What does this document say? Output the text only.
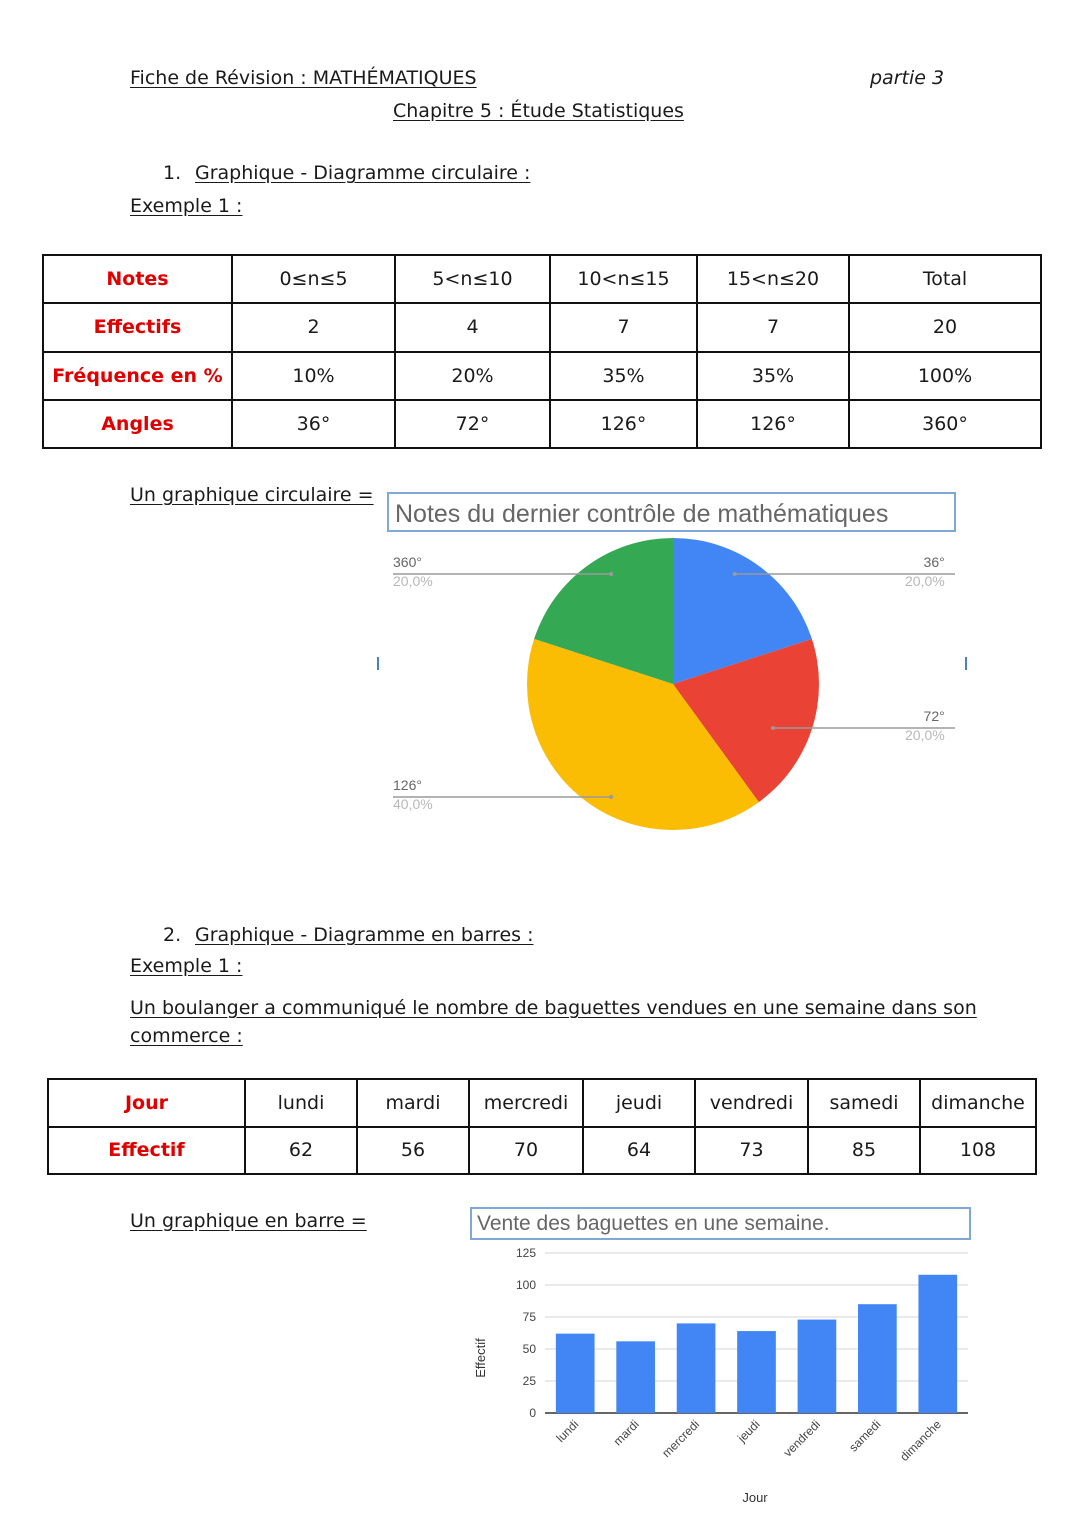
Fiche de Révision : MATHÉMATIQUES	partie 3
Chapitre 5 : Étude Statistiques
1. Graphique - Diagramme circulaire :
Exemple 1 :
Notes	0≤n≤5	5<n≤10	10<n≤15	15<n≤20	Total
Effectifs	2	4	7	7	20
Fréquence en %	10%	20%	35%	35%	100%
Angles	36°	72°	126°	126°	360°
Un graphique circulaire =
Notes du dernier contrôle de mathématiques
36°
20,0%
72°
20,0%
126°
40,0%
360°
20,0%
2. Graphique - Diagramme en barres :
Exemple 1 :
Un boulanger a communiqué le nombre de baguettes vendues en une semaine dans son
commerce :
Jour	lundi	mardi	mercredi	jeudi	vendredi	samedi	dimanche
Effectif	62	56	70	64	73	85	108
Un graphique en barre =	Vente des baguettes en une semaine.
0
25
50
75
100
125
lundi mardi mercredi	jeudi vendredi samedi dimanche
Effectif
Jour
